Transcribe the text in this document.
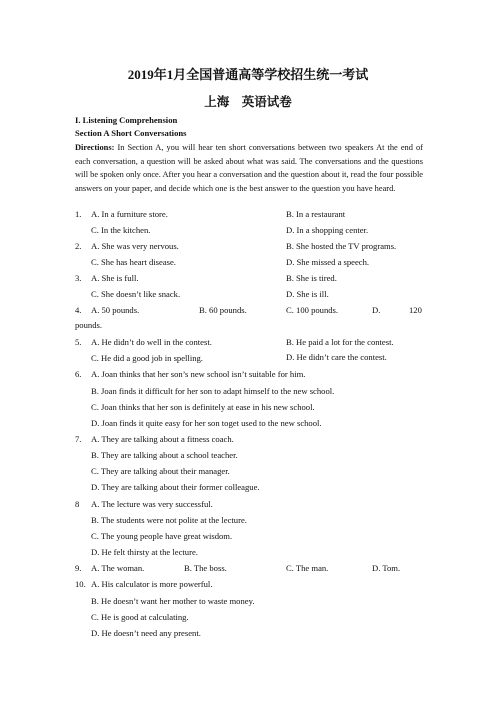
2019年1月全国普通高等学校招生统一考试
上海　英语试卷
I. Listening Comprehension
Section A Short Conversations
Directions: In Section A, you will hear ten short conversations between two speakers At the end of each conversation, a question will be asked about what was said. The conversations and the questions will be spoken only once. After you hear a conversation and the question about it, read the four possible answers on your paper, and decide which one is the best answer to the question you have heard.
1. A. In a furniture store.	B. In a restaurant
C. In the kitchen.	D. In a shopping center.
2. A. She was very nervous.	B. She hosted the TV programs.
C. She has heart disease.	D. She missed a speech.
3. A. She is full.	B. She is tired.
C. She doesn’t like snack.	D. She is ill.
4. A. 50 pounds.	B. 60 pounds.	C. 100 pounds.	D.	120
pounds.
5. A. He didn’t do well in the contest.	B. He paid a lot for the contest.
C. He did a good job in spelling.	D. He didn’t care the contest.
6. A. Joan thinks that her son’s new school isn’t suitable for him.
B. Joan finds it difficult for her son to adapt himself to the new school.
C. Joan thinks that her son is definitely at ease in his new school.
D. Joan finds it quite easy for her son toget used to the new school.
7. A. They are talking about a fitness coach.
B. They are talking about a school teacher.
C. They are talking about their manager.
D. They are talking about their former colleague.
8 A. The lecture was very successful.
B. The students were not polite at the lecture.
C. The young people have great wisdom.
D. He felt thirsty at the lecture.
9. A. The woman.	B. The boss.	C. The man.	D. Tom.
10. A. His calculator is more powerful.
B. He doesn’t want her mother to waste money.
C. He is good at calculating.
D. He doesn’t need any present.
